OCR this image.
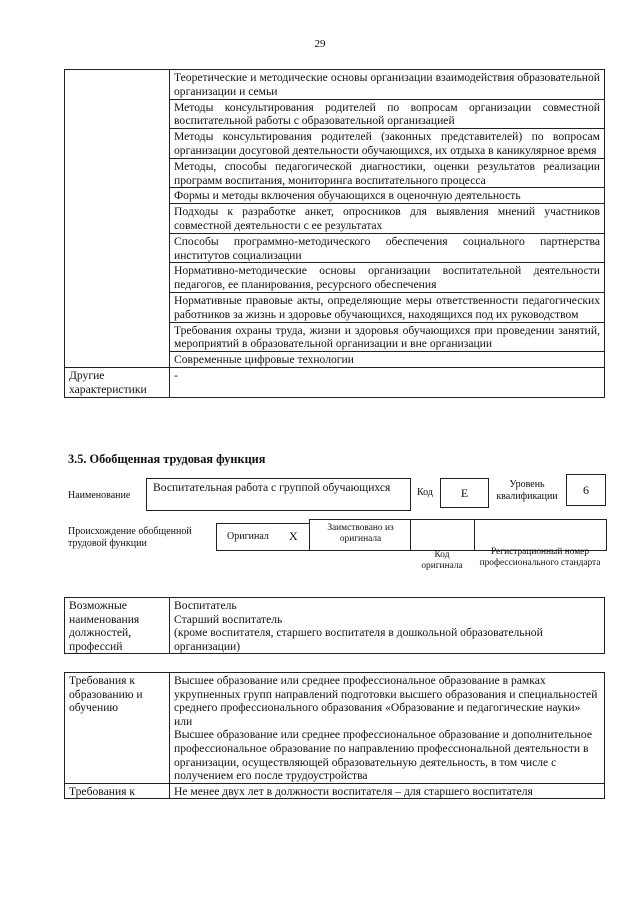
29
	Теоретические и методические основы организации взаимодействия образовательной организации и семьи
	Методы консультирования родителей по вопросам организации совместной воспитательной работы с образовательной организацией
	Методы консультирования родителей (законных представителей) по вопросам организации досуговой деятельности обучающихся, их отдыха в каникулярное время
	Методы, способы педагогической диагностики, оценки результатов реализации программ воспитания, мониторинга воспитательного процесса
	Формы и методы включения обучающихся в оценочную деятельность
	Подходы к разработке анкет, опросников для выявления мнений участников совместной деятельности с ее результатах
	Способы программно-методического обеспечения социального партнерства институтов социализации
	Нормативно-методические основы организации воспитательной деятельности педагогов, ее планирования, ресурсного обеспечения
	Нормативные правовые акты, определяющие меры ответственности педагогических работников за жизнь и здоровье обучающихся, находящихся под их руководством
	Требования охраны труда, жизни и здоровья обучающихся при проведении занятий, мероприятий в образовательной организации и вне организации
	Современные цифровые технологии
Другие характеристики	-
3.5. Обобщенная трудовая функция
Наименование
Воспитательная работа с группой обучающихся	Код	E
Уровень квалификации	6
Происхождение обобщенной трудовой функции
Оригинал X
Заимствовано из оригинала
Код оригинала
Регистрационный номер профессионального стандарта
Возможные наименования должностей, профессий	Воспитатель
Старший воспитатель
(кроме воспитателя, старшего воспитателя в дошкольной образовательной организации)
Требования к образованию и обучению	Высшее образование или среднее профессиональное образование в рамках укрупненных групп направлений подготовки высшего образования и специальностей среднего профессионального образования «Образование и педагогические науки»
или
Высшее образование или среднее профессиональное образование и дополнительное профессиональное образование по направлению профессиональной деятельности в организации, осуществляющей образовательную деятельность, в том числе с получением его после трудоустройства
Требования к	Не менее двух лет в должности воспитателя – для старшего воспитателя
